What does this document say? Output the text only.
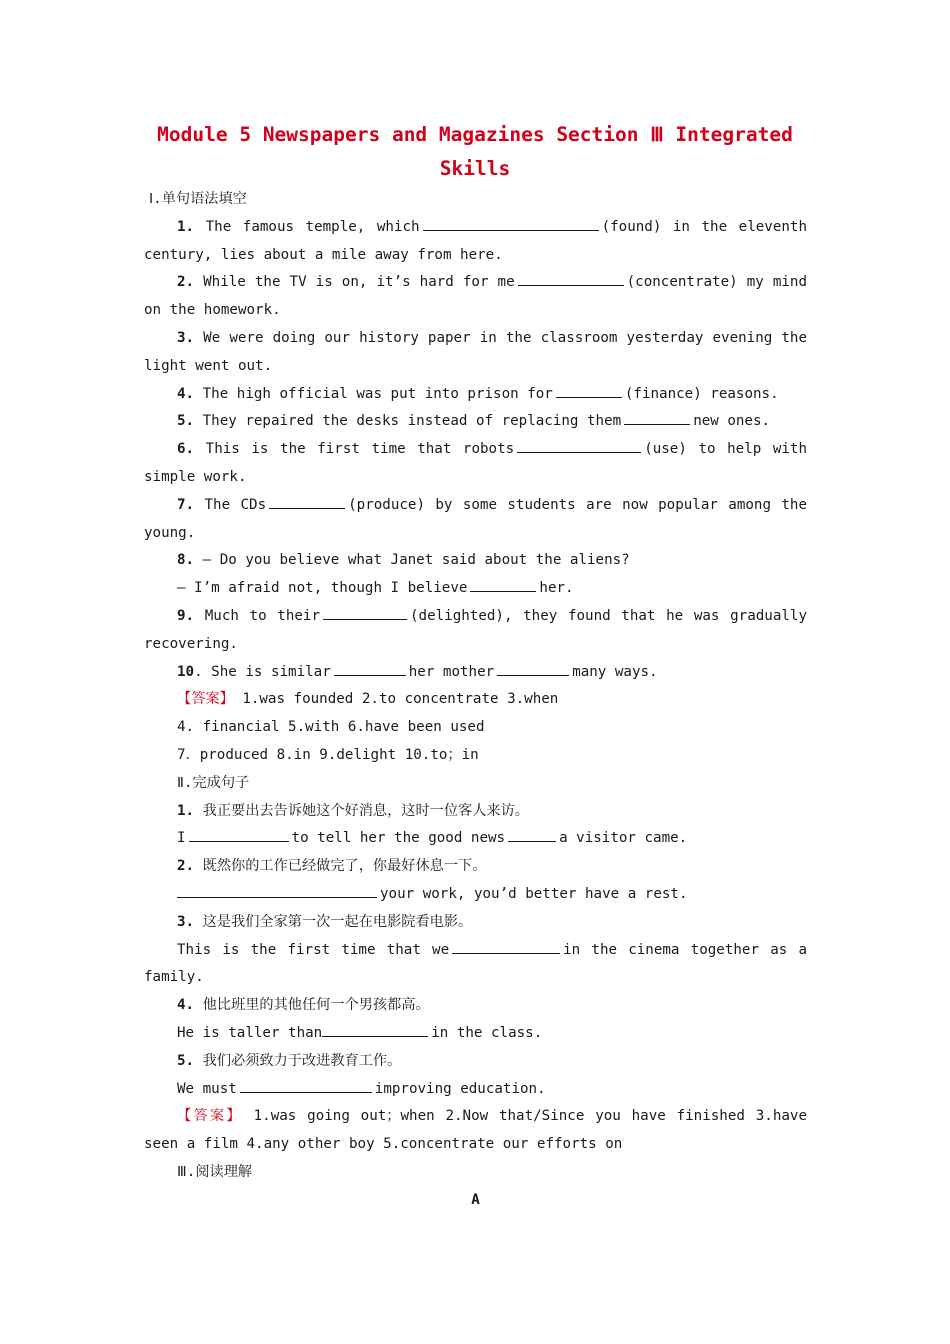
Module 5 Newspapers and Magazines Section Ⅲ Integrated
Skills

Ⅰ.单句语法填空

1. The famous temple, which	(found) in the eleventh century, lies about a mile away from here.

2. While the TV is on, it’s hard for me	(concentrate) my mind on the homework.

3. We were doing our history paper in the classroom yesterday evening the light went out.

4. The high official was put into prison for	(finance) reasons.

5. They repaired the desks instead of replacing them	new ones.

6. This is the first time that robots	(use) to help with simple work.

7. The CDs	(produce) by some students are now popular among the young.

8. — Do you believe what Janet said about the aliens?

— I’m afraid not, though I believe	her.

9. Much to their	(delighted), they found that he was gradually recovering.

10. She is similar	her mother	many ways.

【答案】 1.was founded 2.to concentrate 3.when

4. financial 5.with 6.have been used

7．produced 8.in 9.delight 10.to；in

Ⅱ.完成句子

1. 我正要出去告诉她这个好消息，这时一位客人来访。

I	to tell her the good news	a visitor came.

2. 既然你的工作已经做完了，你最好休息一下。

your work, you’d better have a rest.

3. 这是我们全家第一次一起在电影院看电影。

This is the first time that we	in the cinema together as a family.

4. 他比班里的其他任何一个男孩都高。

He is taller than	in the class.

5. 我们必须致力于改进教育工作。

We must	improving education.

【答案】 1.was going out；when 2.Now that/Since you have finished 3.have seen a film 4.any other boy 5.concentrate our efforts on

Ⅲ.阅读理解

A
